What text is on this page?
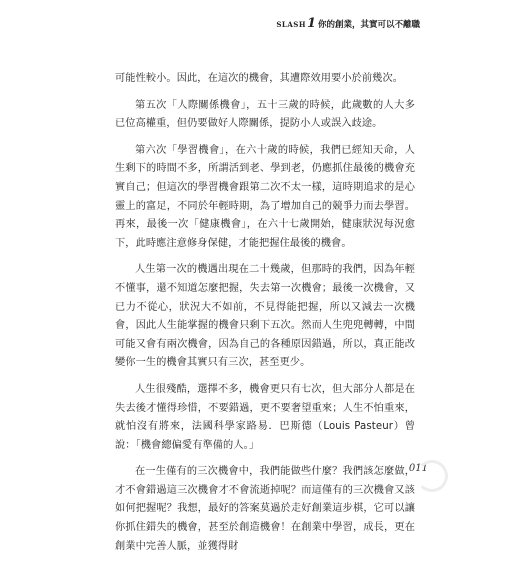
SLASH 1 你的創業，其實可以不離職

可能性較小。因此，在這次的機會，其遭際效用要小於前幾次。

第五次「人際關係機會」，五十三歲的時候，此歲數的人大多已位高權重，但仍要做好人際關係，提防小人或誤入歧途。

第六次「學習機會」，在六十歲的時候，我們已經知天命，人生剩下的時間不多，所謂活到老、學到老，仍應抓住最後的機會充實自己；但這次的學習機會跟第二次不太一樣，這時期追求的是心靈上的富足，不同於年輕時期，為了增加自己的競爭力而去學習。再來，最後一次「健康機會」，在六十七歲開始，健康狀況每況愈下，此時應注意修身保健，才能把握住最後的機會。

人生第一次的機遇出現在二十幾歲，但那時的我們，因為年輕不懂事，還不知道怎麼把握，失去第一次機會；最後一次機會，又已力不從心，狀況大不如前，不見得能把握，所以又減去一次機會，因此人生能掌握的機會只剩下五次。然而人生兜兜轉轉，中間可能又會有兩次機會，因為自己的各種原因錯過，所以，真正能改變你一生的機會其實只有三次，甚至更少。

人生很殘酷，選擇不多，機會更只有七次，但大部分人都是在失去後才懂得珍惜，不要錯過，更不要奢望重來；人生不怕重來，就怕沒有將來，法國科學家路易．巴斯德（Louis Pasteur）曾說：「機會總偏愛有準備的人。」

在一生僅有的三次機會中，我們能做些什麼？我們該怎麼做，才不會錯過這三次機會才不會流逝掉呢？而這僅有的三次機會又該如何把握呢？我想，最好的答案莫過於走好創業這步棋，它可以讓你抓住錯失的機會，甚至於創造機會！在創業中學習，成長，更在創業中完善人脈，並獲得財

011
